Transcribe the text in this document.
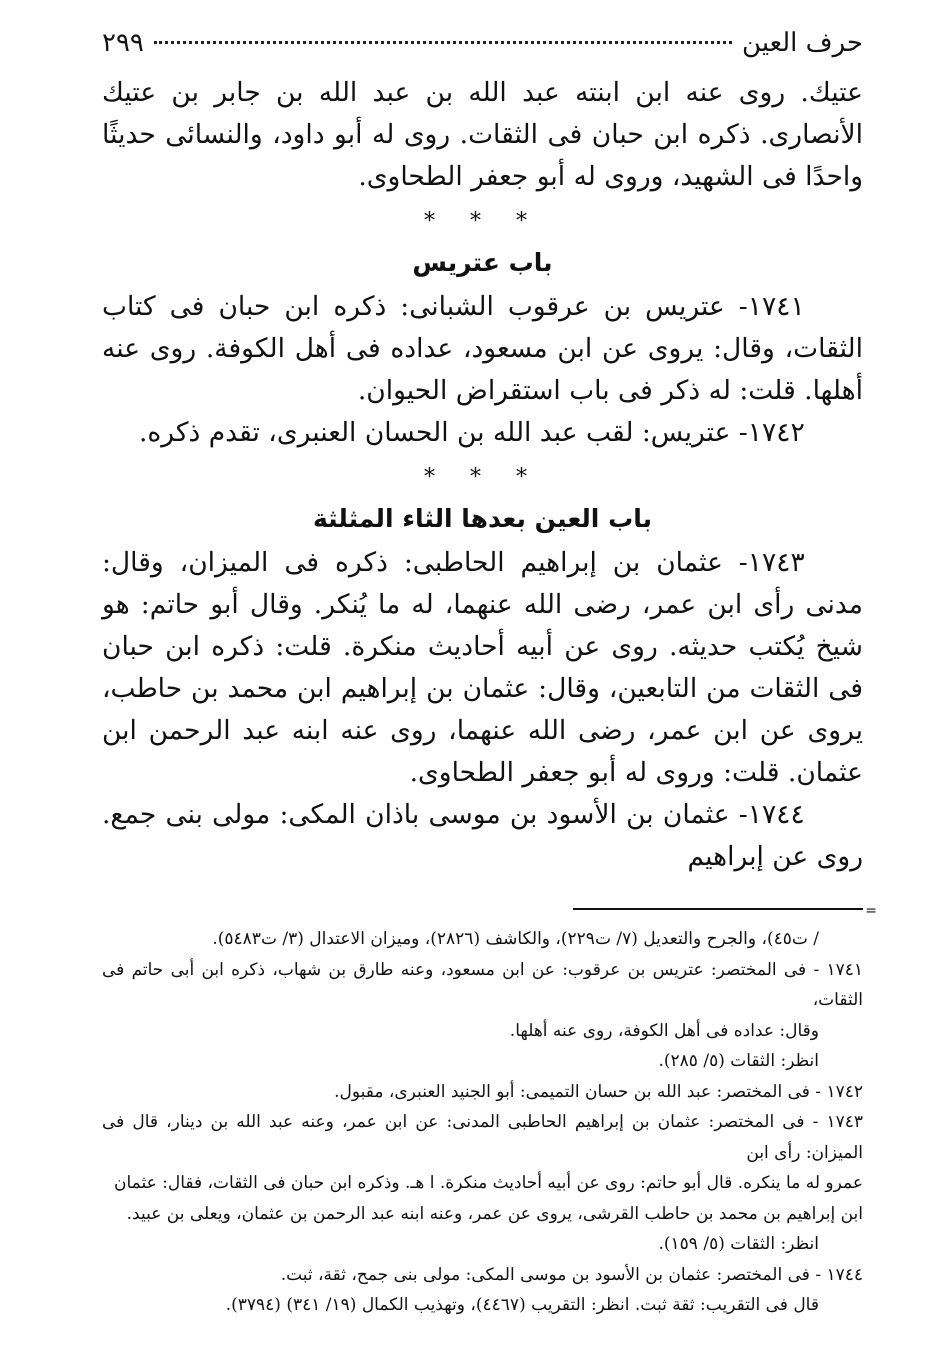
حرف العين
٢٩٩

عتيك. روى عنه ابن ابنته عبد الله بن عبد الله بن جابر بن عتيك الأنصارى. ذكره ابن حبان فى الثقات. روى له أبو داود، والنسائى حديثًا واحدًا فى الشهيد، وروى له أبو جعفر الطحاوى.

* * *
باب عتريس

١٧٤١- عتريس بن عرقوب الشبانى: ذكره ابن حبان فى كتاب الثقات، وقال: يروى عن ابن مسعود، عداده فى أهل الكوفة. روى عنه أهلها. قلت: له ذكر فى باب استقراض الحيوان.

١٧٤٢- عتريس: لقب عبد الله بن الحسان العنبرى، تقدم ذكره.

* * *
باب العين بعدها الثاء المثلثة

١٧٤٣- عثمان بن إبراهيم الحاطبى: ذكره فى الميزان، وقال: مدنى رأى ابن عمر، رضى الله عنهما، له ما يُنكر. وقال أبو حاتم: هو شيخ يُكتب حديثه. روى عن أبيه أحاديث منكرة. قلت: ذكره ابن حبان فى الثقات من التابعين، وقال: عثمان بن إبراهيم ابن محمد بن حاطب، يروى عن ابن عمر، رضى الله عنهما، روى عنه ابنه عبد الرحمن ابن عثمان. قلت: وروى له أبو جعفر الطحاوى.

١٧٤٤- عثمان بن الأسود بن موسى باذان المكى: مولى بنى جمع. روى عن إبراهيم

=

/ ت٤٥)، والجرح والتعديل (٧/ ت٢٢٩)، والكاشف (٢٨٢٦)، وميزان الاعتدال (٣/ ت٥٤٨٣).

١٧٤١ - فى المختصر: عتريس بن عرقوب: عن ابن مسعود، وعنه طارق بن شهاب، ذكره ابن أبى حاتم فى الثقات،

وقال: عداده فى أهل الكوفة، روى عنه أهلها.

انظر: الثقات (٥/ ٢٨٥).

١٧٤٢ - فى المختصر: عبد الله بن حسان التميمى: أبو الجنيد العنبرى، مقبول.

١٧٤٣ - فى المختصر: عثمان بن إبراهيم الحاطبى المدنى: عن ابن عمر، وعنه عبد الله بن دينار، قال فى الميزان: رأى ابن

عمرو له ما ينكره. قال أبو حاتم: روى عن أبيه أحاديث منكرة. ا هـ. وذكره ابن حبان فى الثقات، فقال: عثمان

ابن إبراهيم بن محمد بن حاطب القرشى، يروى عن عمر، وعنه ابنه عبد الرحمن بن عثمان، ويعلى بن عبيد.

انظر: الثقات (٥/ ١٥٩).

١٧٤٤ - فى المختصر: عثمان بن الأسود بن موسى المكى: مولى بنى جمح، ثقة، ثبت.

قال فى التقريب: ثقة ثبت. انظر: التقريب (٤٤٦٧)، وتهذيب الكمال (١٩/ ٣٤١) (٣٧٩٤).
